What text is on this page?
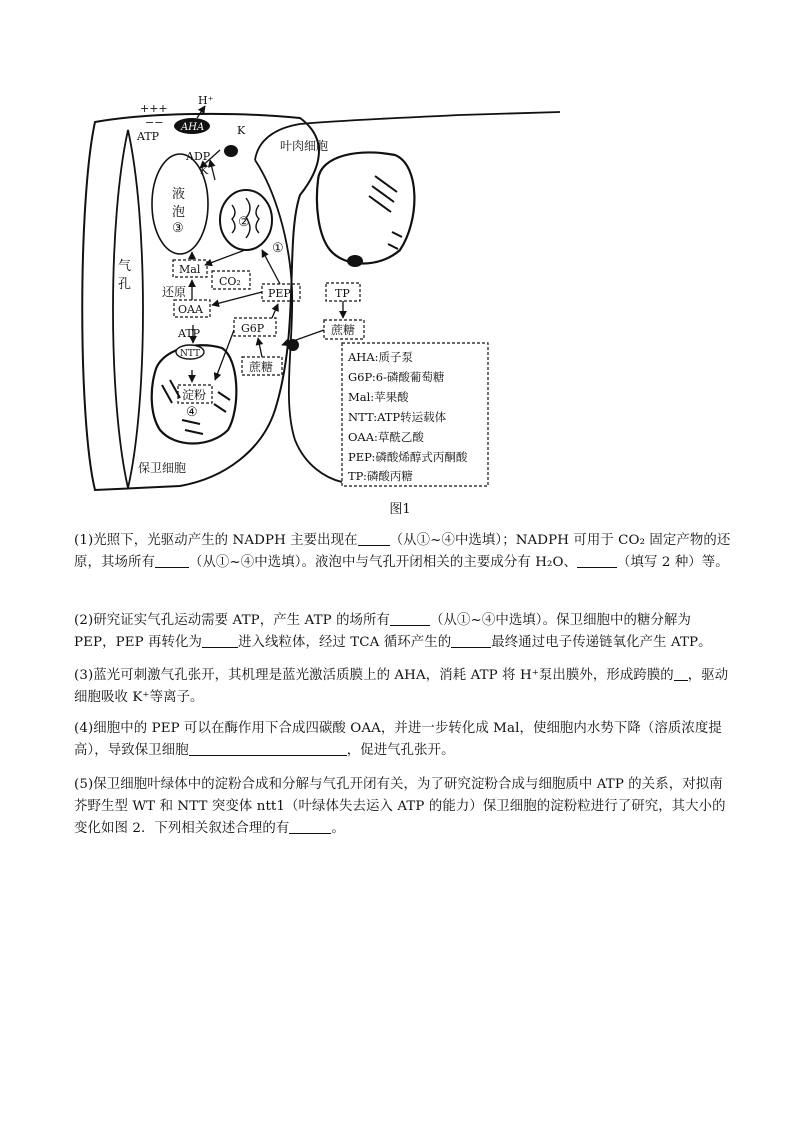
+++
−−
H⁺
AHA
ATP
ADP
K
K
液
泡
③
气
孔
②
①
Mal
CO₂
还原
OAA
PEP
G6P
ATP
NTT
淀粉
④
蔗糖
TP
蔗糖
叶肉细胞
保卫细胞
AHA:质子泵
G6P:6-磷酸葡萄糖
Mal:苹果酸
NTT:ATP转运载体
OAA:草酰乙酸
PEP:磷酸烯醇式丙酮酸
TP:磷酸丙糖
图1
(1)光照下，光驱动产生的 NADPH 主要出现在 （从①~④中选填）；NADPH 可用于 CO₂ 固定产物的还原，其场所有	（从①~④中选填）。液泡中与气孔开闭相关的主要成分有 H₂O、	（填写 2 种）等。
(2)研究证实气孔运动需要 ATP，产生 ATP 的场所有	（从①~④中选填）。保卫细胞中的糖分解为 PEP，PEP 再转化为	进入线粒体，经过 TCA 循环产生的	最终通过电子传递链氧化产生 ATP。
(3)蓝光可刺激气孔张开，其机理是蓝光激活质膜上的 AHA，消耗 ATP 将 H⁺泵出膜外，形成跨膜的 ，驱动细胞吸收 K⁺等离子。
(4)细胞中的 PEP 可以在酶作用下合成四碳酸 OAA，并进一步转化成 Mal，使细胞内水势下降（溶质浓度提高），导致保卫细胞	，促进气孔张开。
(5)保卫细胞叶绿体中的淀粉合成和分解与气孔开闭有关，为了研究淀粉合成与细胞质中 ATP 的关系，对拟南芥野生型 WT 和 NTT 突变体 ntt1（叶绿体失去运入 ATP 的能力）保卫细胞的淀粉粒进行了研究，其大小的变化如图 2．下列相关叙述合理的有	。
